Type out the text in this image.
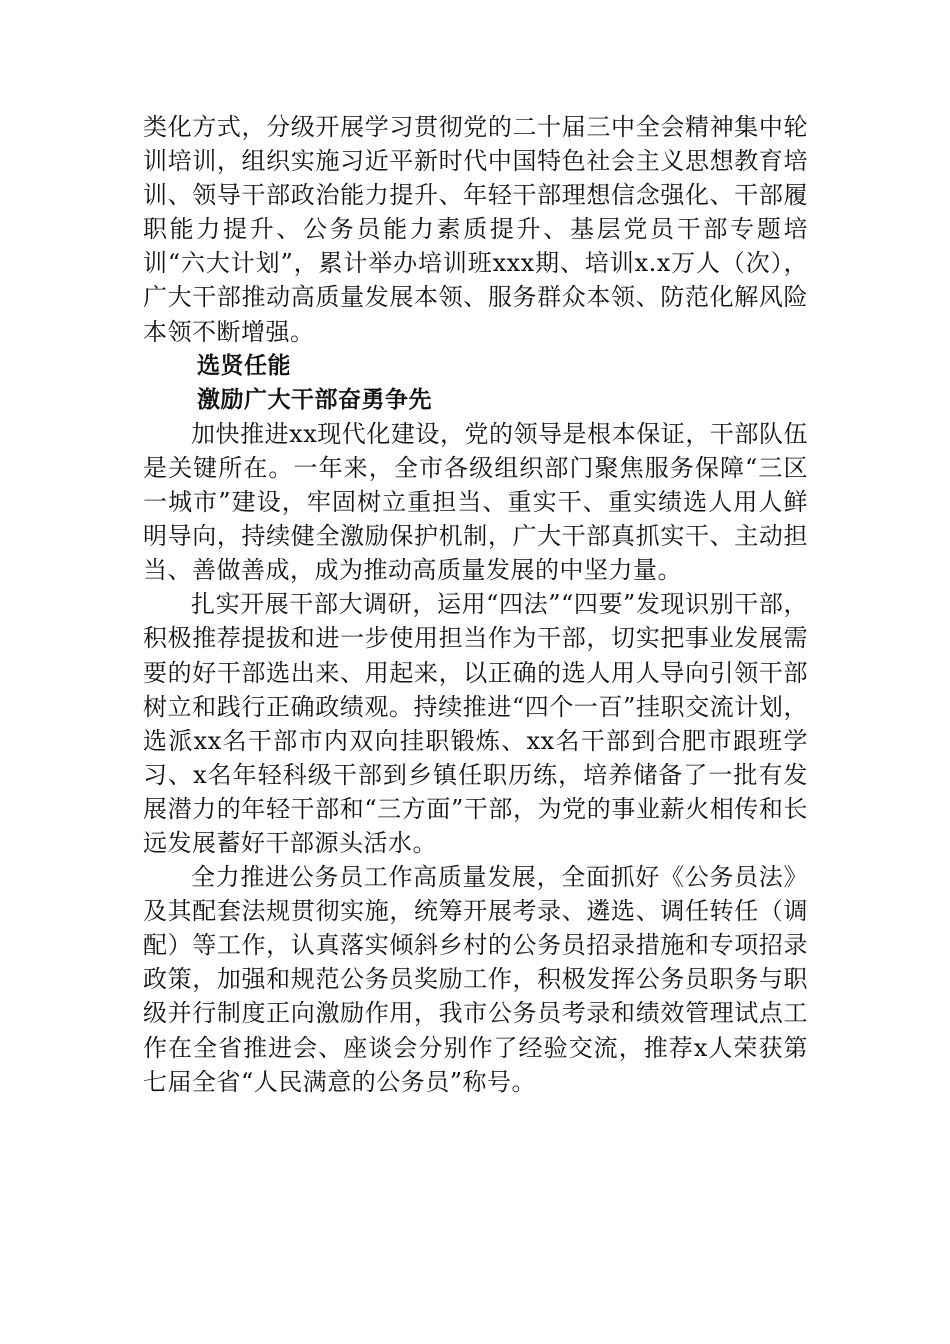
类化方式，分级开展学习贯彻党的二十届三中全会精神集中轮训培训，组织实施习近平新时代中国特色社会主义思想教育培训、领导干部政治能力提升、年轻干部理想信念强化、干部履职能力提升、公务员能力素质提升、基层党员干部专题培训“六大计划”，累计举办培训班xxx期、培训x.x万人（次），广大干部推动高质量发展本领、服务群众本领、防范化解风险本领不断增强。

选贤任能

激励广大干部奋勇争先

加快推进xx现代化建设，党的领导是根本保证，干部队伍是关键所在。一年来，全市各级组织部门聚焦服务保障“三区一城市”建设，牢固树立重担当、重实干、重实绩选人用人鲜明导向，持续健全激励保护机制，广大干部真抓实干、主动担当、善做善成，成为推动高质量发展的中坚力量。

扎实开展干部大调研，运用“四法”“四要”发现识别干部，积极推荐提拔和进一步使用担当作为干部，切实把事业发展需要的好干部选出来、用起来，以正确的选人用人导向引领干部树立和践行正确政绩观。持续推进“四个一百”挂职交流计划，选派xx名干部市内双向挂职锻炼、xx名干部到合肥市跟班学习、x名年轻科级干部到乡镇任职历练，培养储备了一批有发展潜力的年轻干部和“三方面”干部，为党的事业薪火相传和长远发展蓄好干部源头活水。

全力推进公务员工作高质量发展，全面抓好《公务员法》及其配套法规贯彻实施，统筹开展考录、遴选、调任转任（调配）等工作，认真落实倾斜乡村的公务员招录措施和专项招录政策，加强和规范公务员奖励工作，积极发挥公务员职务与职级并行制度正向激励作用，我市公务员考录和绩效管理试点工作在全省推进会、座谈会分别作了经验交流，推荐x人荣获第七届全省“人民满意的公务员”称号。
